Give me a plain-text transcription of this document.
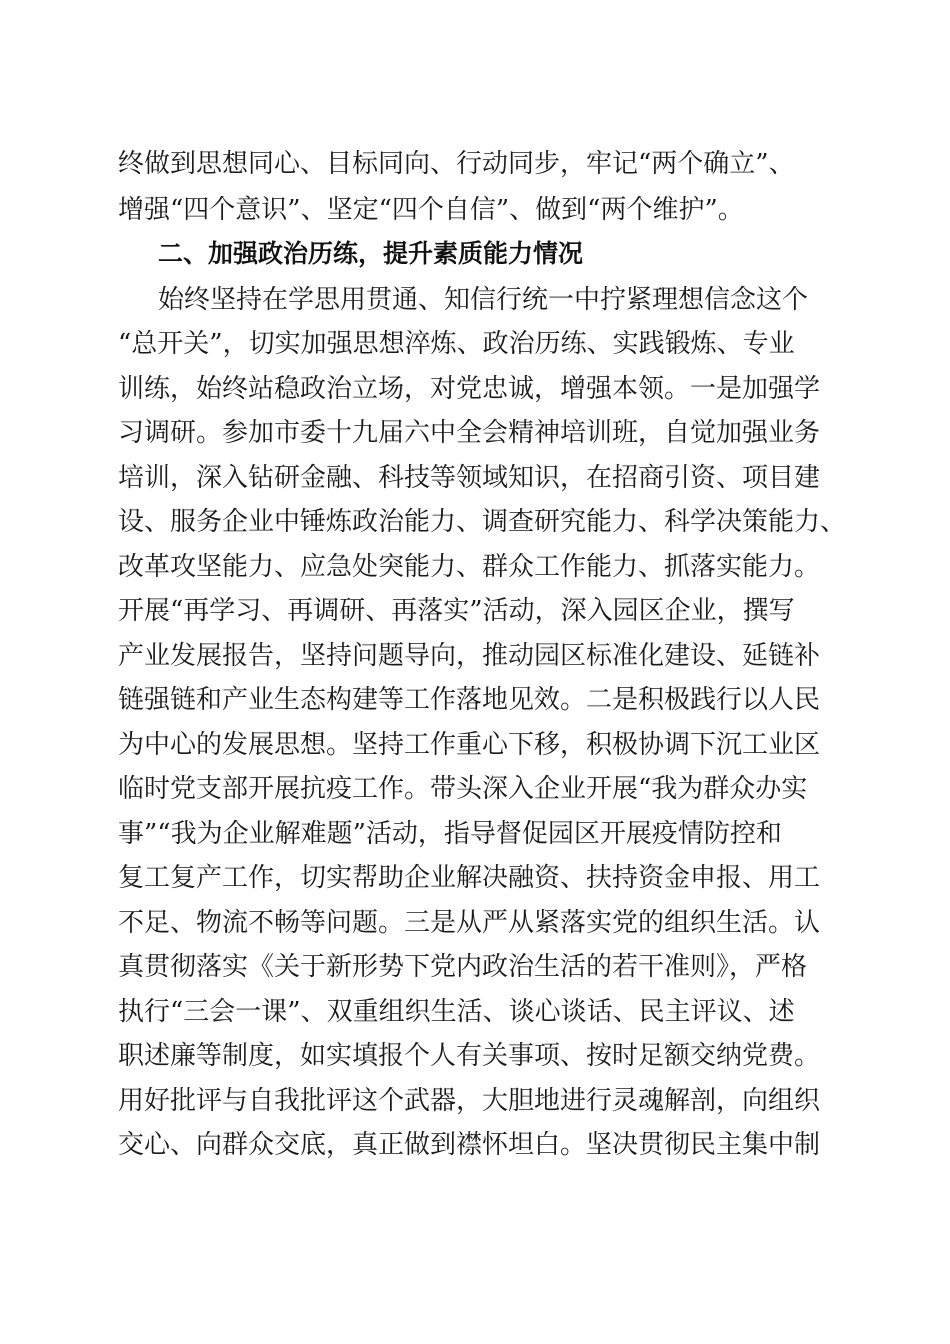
终做到思想同心、目标同向、行动同步，牢记“两个确立”、
增强“四个意识”、坚定“四个自信”、做到“两个维护”。
二、加强政治历练，提升素质能力情况
始终坚持在学思用贯通、知信行统一中拧紧理想信念这个
“总开关”，切实加强思想淬炼、政治历练、实践锻炼、专业
训练，始终站稳政治立场，对党忠诚，增强本领。一是加强学
习调研。参加市委十九届六中全会精神培训班，自觉加强业务
培训，深入钻研金融、科技等领域知识，在招商引资、项目建
设、服务企业中锤炼政治能力、调查研究能力、科学决策能力、
改革攻坚能力、应急处突能力、群众工作能力、抓落实能力。
开展“再学习、再调研、再落实”活动，深入园区企业，撰写
产业发展报告，坚持问题导向，推动园区标准化建设、延链补
链强链和产业生态构建等工作落地见效。二是积极践行以人民
为中心的发展思想。坚持工作重心下移，积极协调下沉工业区
临时党支部开展抗疫工作。带头深入企业开展“我为群众办实
事”“我为企业解难题”活动，指导督促园区开展疫情防控和
复工复产工作，切实帮助企业解决融资、扶持资金申报、用工
不足、物流不畅等问题。三是从严从紧落实党的组织生活。认
真贯彻落实《关于新形势下党内政治生活的若干准则》，严格
执行“三会一课”、双重组织生活、谈心谈话、民主评议、述
职述廉等制度，如实填报个人有关事项、按时足额交纳党费。
用好批评与自我批评这个武器，大胆地进行灵魂解剖，向组织
交心、向群众交底，真正做到襟怀坦白。坚决贯彻民主集中制
